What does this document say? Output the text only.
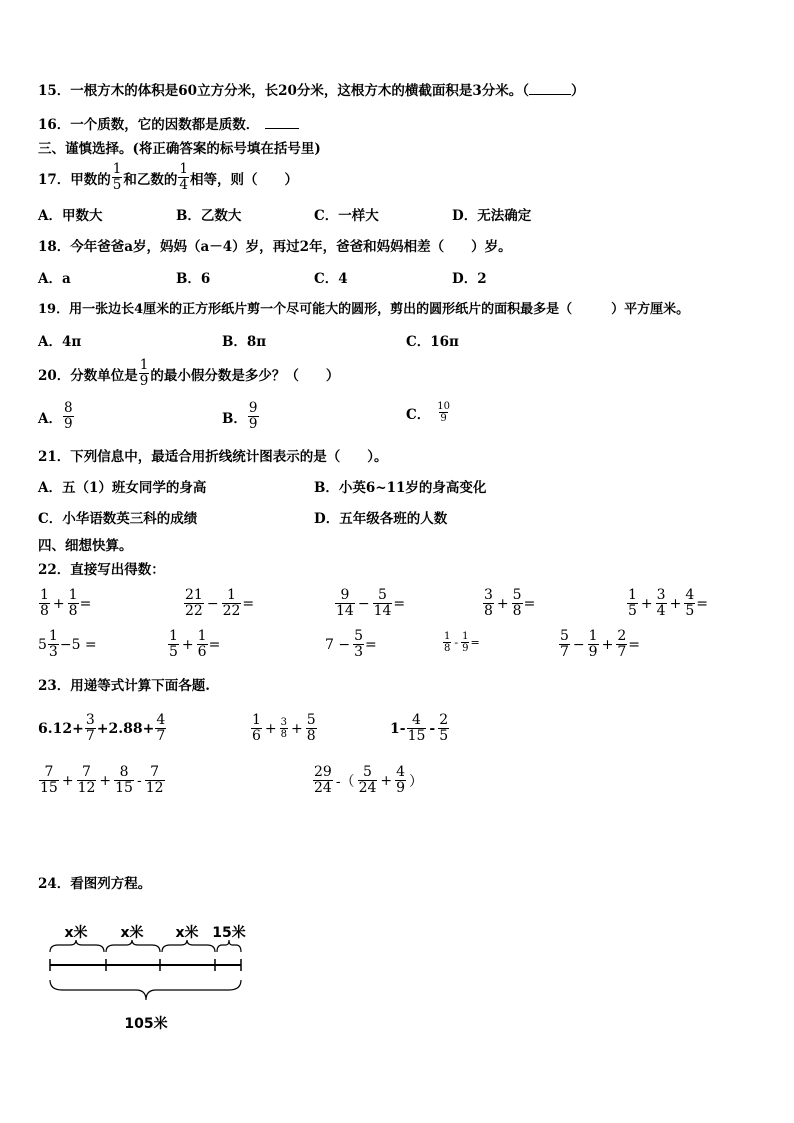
15．一根方木的体积是60立方分米，长20分米，这根方木的横截面积是3分米。（	）
16．一个质数，它的因数都是质数．
三、谨慎选择。(将正确答案的标号填在括号里)
17．甲数的 $\frac{1}{5}$ 和乙数的 $\frac{1}{4}$ 相等，则（　　）
A．甲数大	B．乙数大	C．一样大	D．无法确定
18．今年爸爸a岁，妈妈（a－4）岁，再过2年，爸爸和妈妈相差（　　）岁。
A．a	B．6	C．4	D．2
19．用一张边长4厘米的正方形纸片剪一个尽可能大的圆形，剪出的圆形纸片的面积最多是（　　　）平方厘米。
A．4π	B．8π	C．16π
20．分数单位是 $\frac{1}{9}$ 的最小假分数是多少？（　　）
A． $\frac{8}{9}$	B． $\frac{9}{9}$	C． $\frac{10}{9}$
21．下列信息中，最适合用折线统计图表示的是（　　）。
A．五（1）班女同学的身高	B．小英6~11岁的身高变化
C．小华语数英三科的成绩	D．五年级各班的人数
四、细想快算。
22．直接写出得数：
$\frac{1}{8} + \frac{1}{8}$ =	$\frac{21}{22} - \frac{1}{22}$ =	$\frac{9}{14} - \frac{5}{14}$ =	$\frac{3}{8} + \frac{5}{8}$ =	$\frac{1}{5} + \frac{3}{4} + \frac{4}{5}$ =
$5 \frac{1}{3} -5$ =	$\frac{1}{5} + \frac{1}{6}$ =	$7 - \frac{5}{3}$ =	$\frac{1}{8} - \frac{1}{9}$ =	$\frac{5}{7} - \frac{1}{9} + \frac{2}{7}$ =
23．用递等式计算下面各题.
$6.12+ \frac{3}{7} +2.88+ \frac{4}{7}$	$\frac{1}{6} + \frac{3}{8} + \frac{5}{8}$	$1- \frac{4}{15} - \frac{2}{5}$
$\frac{7}{15} + \frac{7}{12} + \frac{8}{15} - \frac{7}{12}$	$\frac{29}{24}$ -（ $\frac{5}{24} + \frac{4}{9}$ ）
24．看图列方程。
x米 x米 x米 15米
105米
